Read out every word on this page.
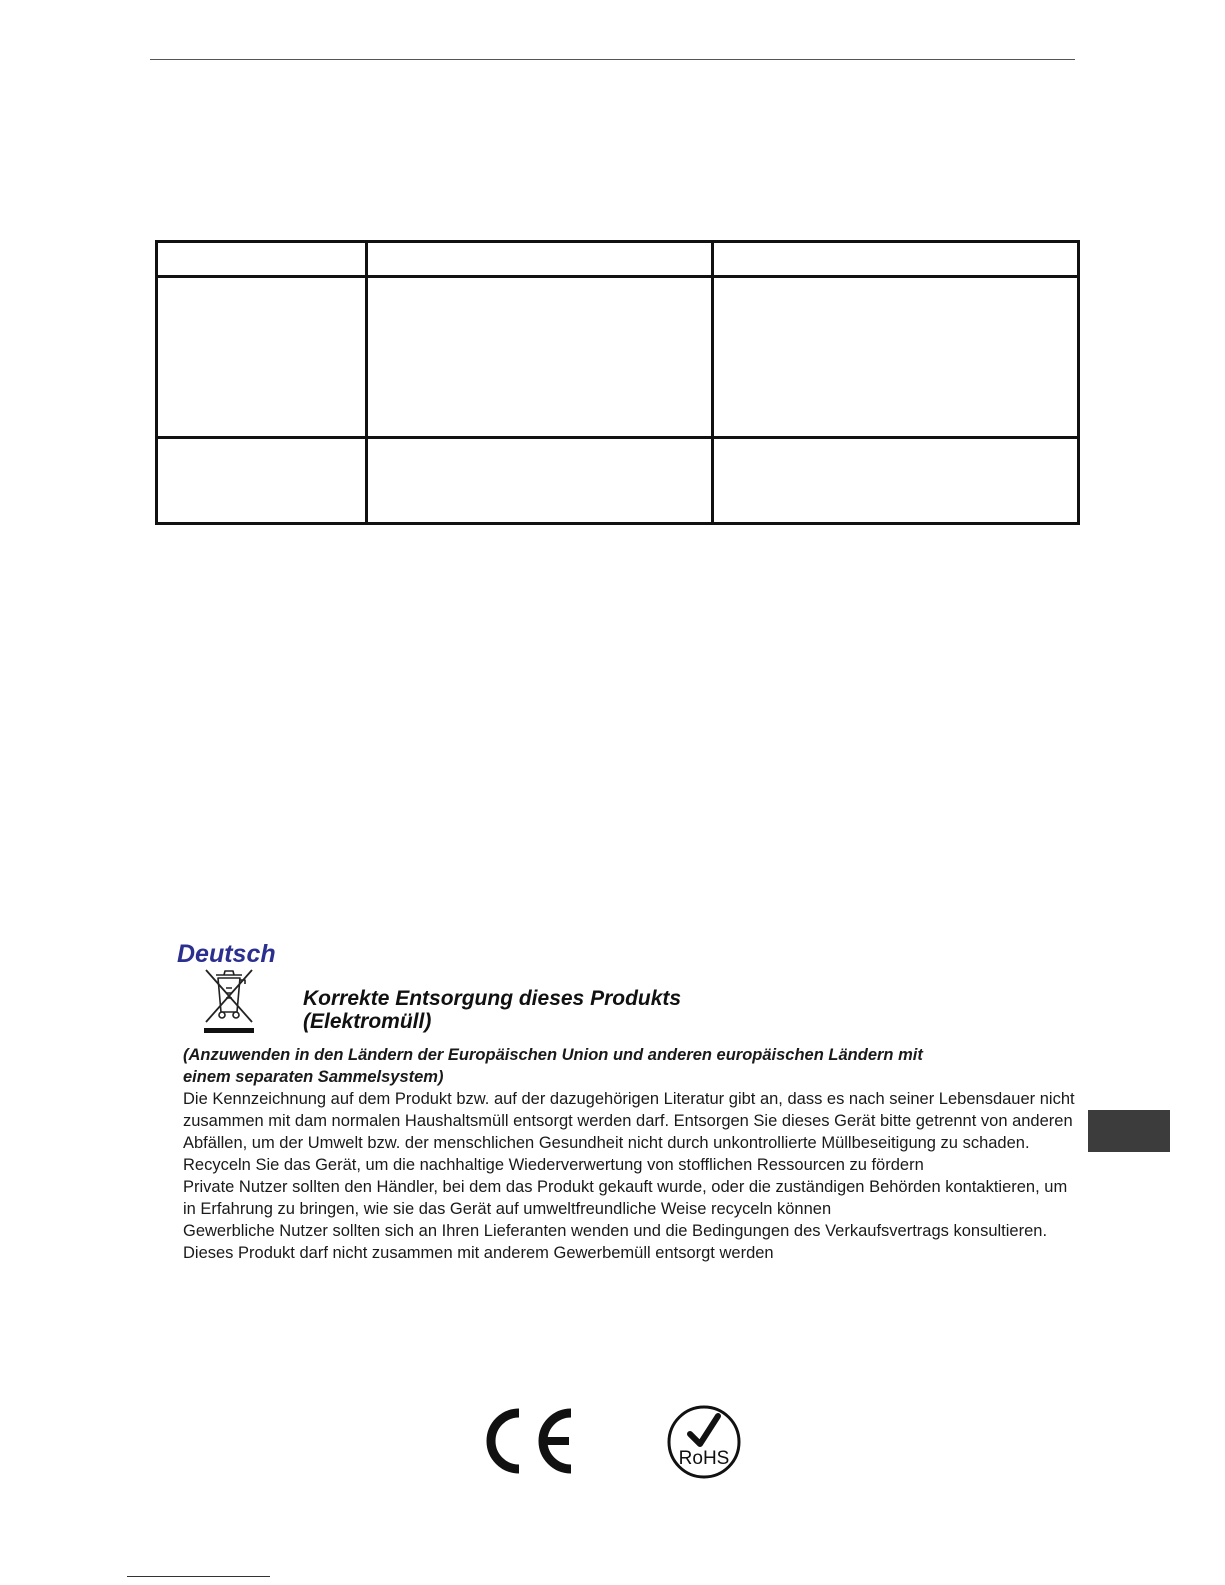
Deutsch
Korrekte Entsorgung dieses Produkts
(Elektromüll)

(Anzuwenden in den Ländern der Europäischen Union und anderen europäischen Ländern mit
einem separaten Sammelsystem)

Die Kennzeichnung auf dem Produkt bzw. auf der dazugehörigen Literatur gibt an, dass es nach seiner Lebensdauer nicht zusammen mit dam normalen Haushaltsmüll entsorgt werden darf. Entsorgen Sie dieses Gerät bitte getrennt von anderen Abfällen, um der Umwelt bzw. der menschlichen Gesundheit nicht durch unkontrollierte Müllbeseitigung zu schaden. Recyceln Sie das Gerät, um die nachhaltige Wiederverwertung von stofflichen Ressourcen zu fördern

Private Nutzer sollten den Händler, bei dem das Produkt gekauft wurde, oder die zuständigen Behörden kontaktieren, um in Erfahrung zu bringen, wie sie das Gerät auf umweltfreundliche Weise recyceln können

Gewerbliche Nutzer sollten sich an Ihren Lieferanten wenden und die Bedingungen des Verkaufsvertrags konsultieren. Dieses Produkt darf nicht zusammen mit anderem Gewerbemüll entsorgt werden

RoHS
